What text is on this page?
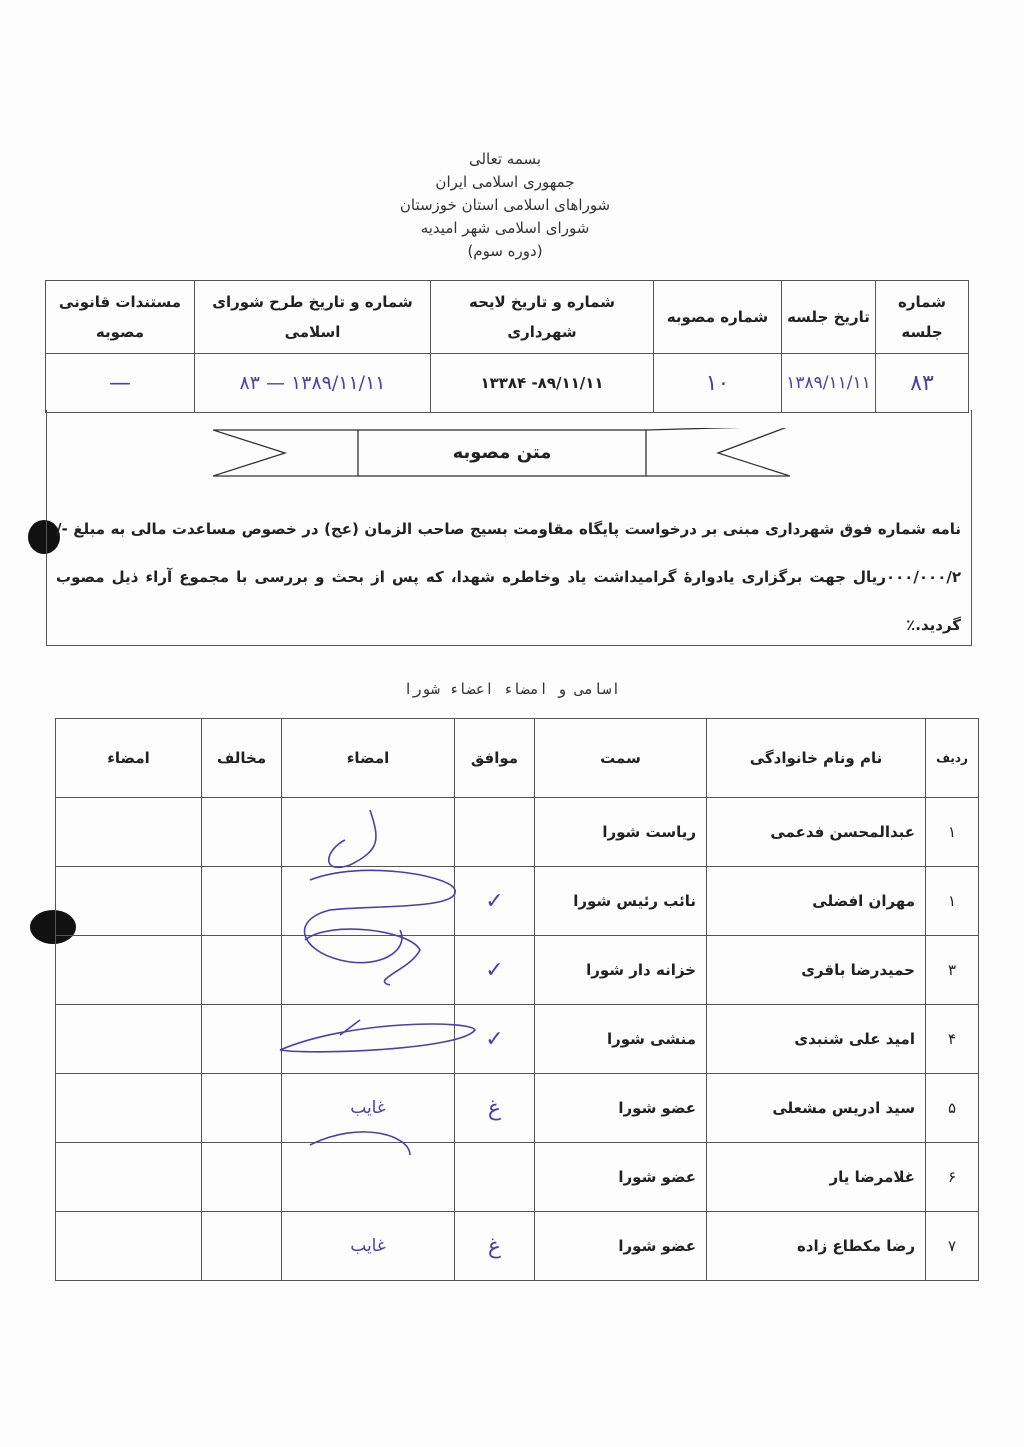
بسمه تعالی
جمهوری اسلامی ایران
شوراهای اسلامی استان خوزستان
شورای اسلامی شهر امیدیه
(دوره سوم)
شماره جلسه	تاریخ جلسه	شماره مصوبه	شماره و تاریخ لایحه شهرداری	شماره و تاریخ طرح شورای اسلامی	مستندات قانونی مصوبه
۸۳	۱۳۸۹/۱۱/۱۱	۱۰	۸۹/۱۱/۱۱- ۱۳۳۸۴	۱۳۸۹/۱۱/۱۱ — ۸۳	—
متن مصوبه
نامه شماره فوق شهرداری مبنی بر درخواست پایگاه مقاومت بسیج صاحب الزمان (عج) در خصوص مساعدت مالی به مبلغ -/۰۰۰/۰۰۰/۲ریال جهت برگزاری یادوارهٔ گرامیداشت یاد وخاطره شهدا، که پس از بحث و بررسی با مجموع آراء ذیل مصوب گردید.٪
اسامی و امضاء اعضاء شورا
ردیف	نام ونام خانوادگی	سمت	موافق	امضاء	مخالف	امضاء
۱	عبدالمحسن فدعمی	ریاست شورا				
۱	مهران افضلی	نائب رئیس شورا	✓			
۳	حمیدرضا باقری	خزانه دار شورا	✓			
۴	امید علی شنبدی	منشی شورا	✓			
۵	سید ادریس مشعلی	عضو شورا	غ	غایب		
۶	غلامرضا یار	عضو شورا				
۷	رضا مکطاع زاده	عضو شورا	غ	غایب		
